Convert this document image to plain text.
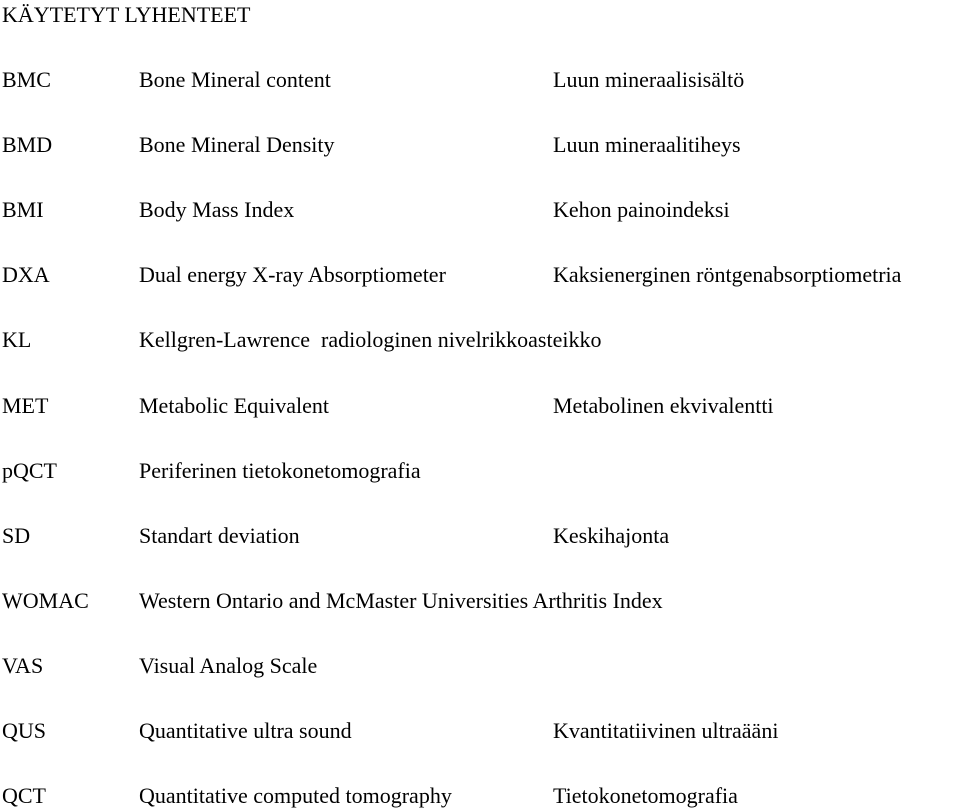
KÄYTETYT LYHENTEET
BMC	Bone Mineral content	Luun mineraalisisältö
BMD	Bone Mineral Density	Luun mineraalitiheys
BMI	Body Mass Index	Kehon painoindeksi
DXA	Dual energy X-ray Absorptiometer	Kaksienerginen röntgenabsorptiometria
KL	Kellgren-Lawrence  radiologinen nivelrikkoasteikko
MET	Metabolic Equivalent	Metabolinen ekvivalentti
pQCT	Periferinen tietokonetomografia
SD	Standart deviation	Keskihajonta
WOMAC Western Ontario and McMaster Universities Arthritis Index
VAS	Visual Analog Scale
QUS	Quantitative ultra sound	Kvantitatiivinen ultraääni
QCT	Quantitative computed tomography	Tietokonetomografia
